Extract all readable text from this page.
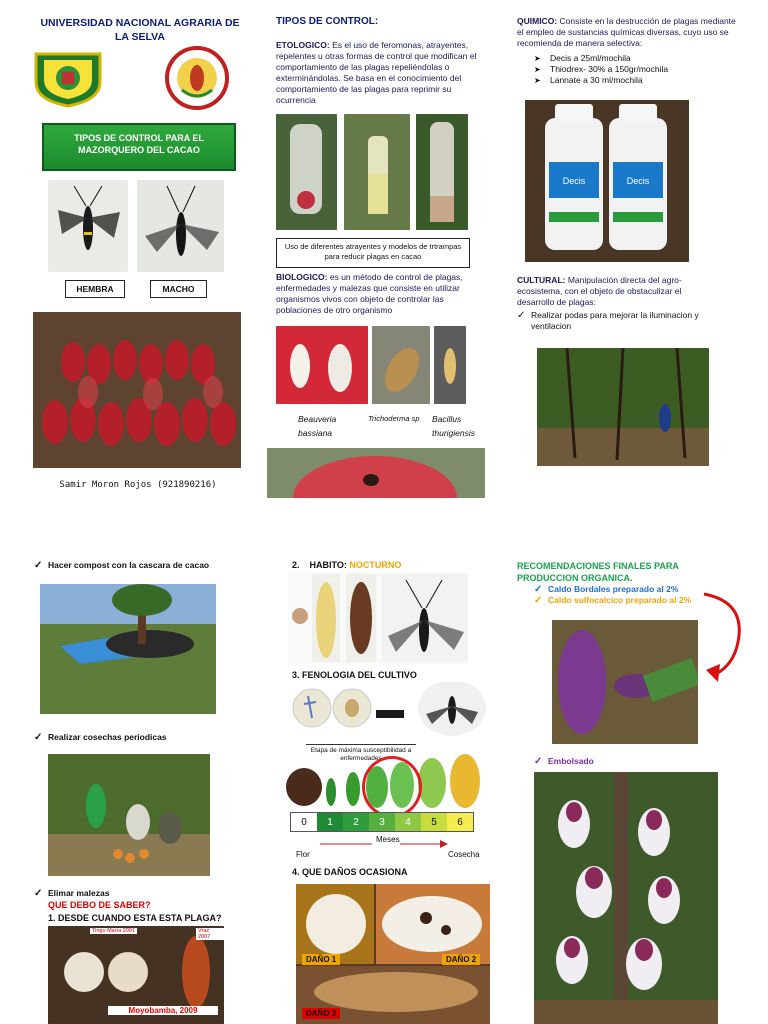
UNIVERSIDAD NACIONAL AGRARIA DE LA SELVA
TIPOS DE CONTROL PARA EL MAZORQUERO DEL CACAO
HEMBRA	MACHO
Samir Moron Rojos (921890216)
TIPOS DE CONTROL:
ETOLOGICO: Es el uso de feromonas, atrayentes, repelentes u otras formas de control que modifican el comportamiento de las plagas repeliéndolas o exterminándolas. Se basa en el conocimiento del comportamiento de las plagas para reprimir su ocurrencia
Uso de diferentes atrayentes y modelos de trtrampas para reducir plagas en cacao
BIOLOGICO: es un método de control de plagas, enfermedades y malezas que consiste en utilizar organismos vivos con objeto de controlar las poblaciones de otro organismo
Beauveria bassiana
Trichoderma sp Bacillus thurigiensis
QUIMICO: Consiste en la destrucción de plagas mediante el empleo de sustancias químicas diversas, cuyo uso se recomienda de manera selectiva:
➤ Decis a 25ml/mochila
➤ Thiodrex- 30% a 150gr/mochila
➤ Lannate a 30 ml/mochila
Decis	Decis
CULTURAL: Manipulación directa del agro-ecosistema, con el objeto de obstaculizar el desarrollo de plagas:
✓ Realizar podas para mejorar la iluminacion y ventilacion
✓ Hacer compost con la cascara de cacao
✓ Realizar cosechas periodicas
✓ Elimar malezas
QUE DEBO DE SABER?
1. DESDE CUANDO ESTA ESTA PLAGA?
Tingo María 2001	Vraz 2007
Moyobamba, 2009
2. HABITO: NOCTURNO
3. FENOLOGIA DEL CULTIVO
Etapa de máxima susceptibilidad a enfermedades
0	1	2	3	4	5	6
Meses
Flor	Cosecha
4. QUE DAÑOS OCASIONA
DAÑO 1	DAÑO 2
DAÑO 3
RECOMENDACIONES FINALES PARA PRODUCCION ORGANICA.
✓ Caldo Bordales preparado al 2%
✓ Caldo sulfocalcico preparado al 2%
✓ Embolsado
